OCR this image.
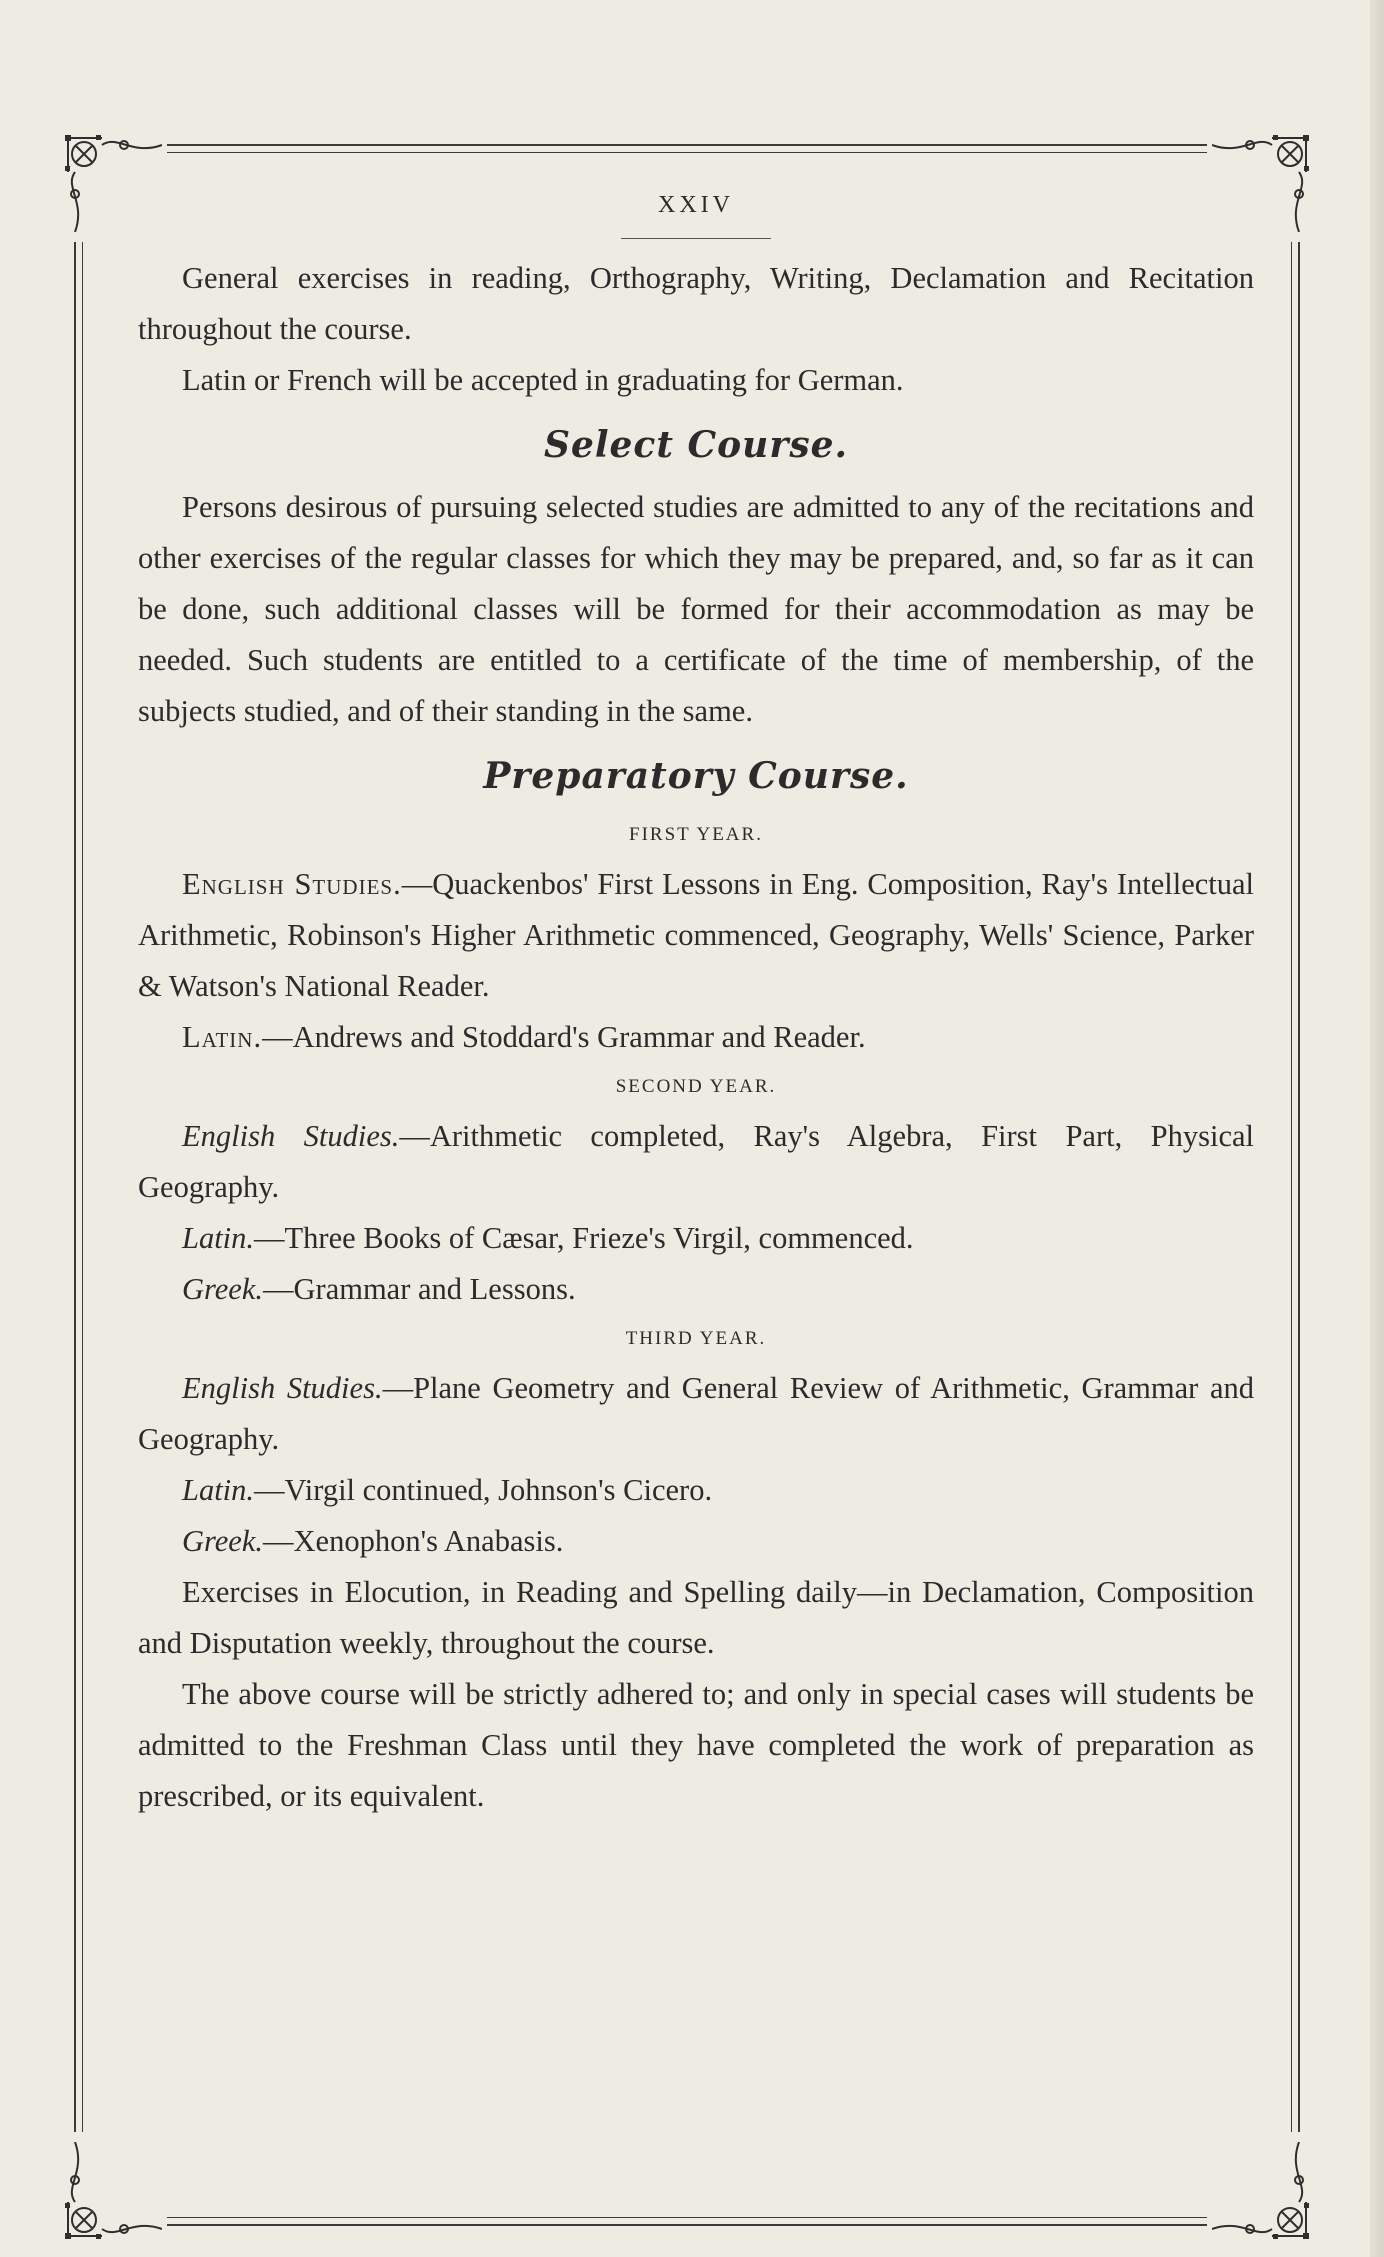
XXIV

General exercises in reading, Orthography, Writing, Declamation and Recitation throughout the course.

Latin or French will be accepted in graduating for German.

Select Course.

Persons desirous of pursuing selected studies are admitted to any of the recitations and other exercises of the regular classes for which they may be prepared, and, so far as it can be done, such additional classes will be formed for their accommodation as may be needed. Such students are entitled to a certificate of the time of membership, of the subjects studied, and of their standing in the same.

Preparatory Course.
FIRST YEAR.

English Studies.—Quackenbos' First Lessons in Eng. Composition, Ray's Intellectual Arithmetic, Robinson's Higher Arithmetic commenced, Geography, Wells' Science, Parker & Watson's National Reader.

Latin.—Andrews and Stoddard's Grammar and Reader.

SECOND YEAR.

English Studies.—Arithmetic completed, Ray's Algebra, First Part, Physical Geography.

Latin.—Three Books of Cæsar, Frieze's Virgil, commenced.

Greek.—Grammar and Lessons.

THIRD YEAR.

English Studies.—Plane Geometry and General Review of Arithmetic, Grammar and Geography.

Latin.—Virgil continued, Johnson's Cicero.

Greek.—Xenophon's Anabasis.

Exercises in Elocution, in Reading and Spelling daily—in Declamation, Composition and Disputation weekly, throughout the course.

The above course will be strictly adhered to; and only in special cases will students be admitted to the Freshman Class until they have completed the work of preparation as prescribed, or its equivalent.
